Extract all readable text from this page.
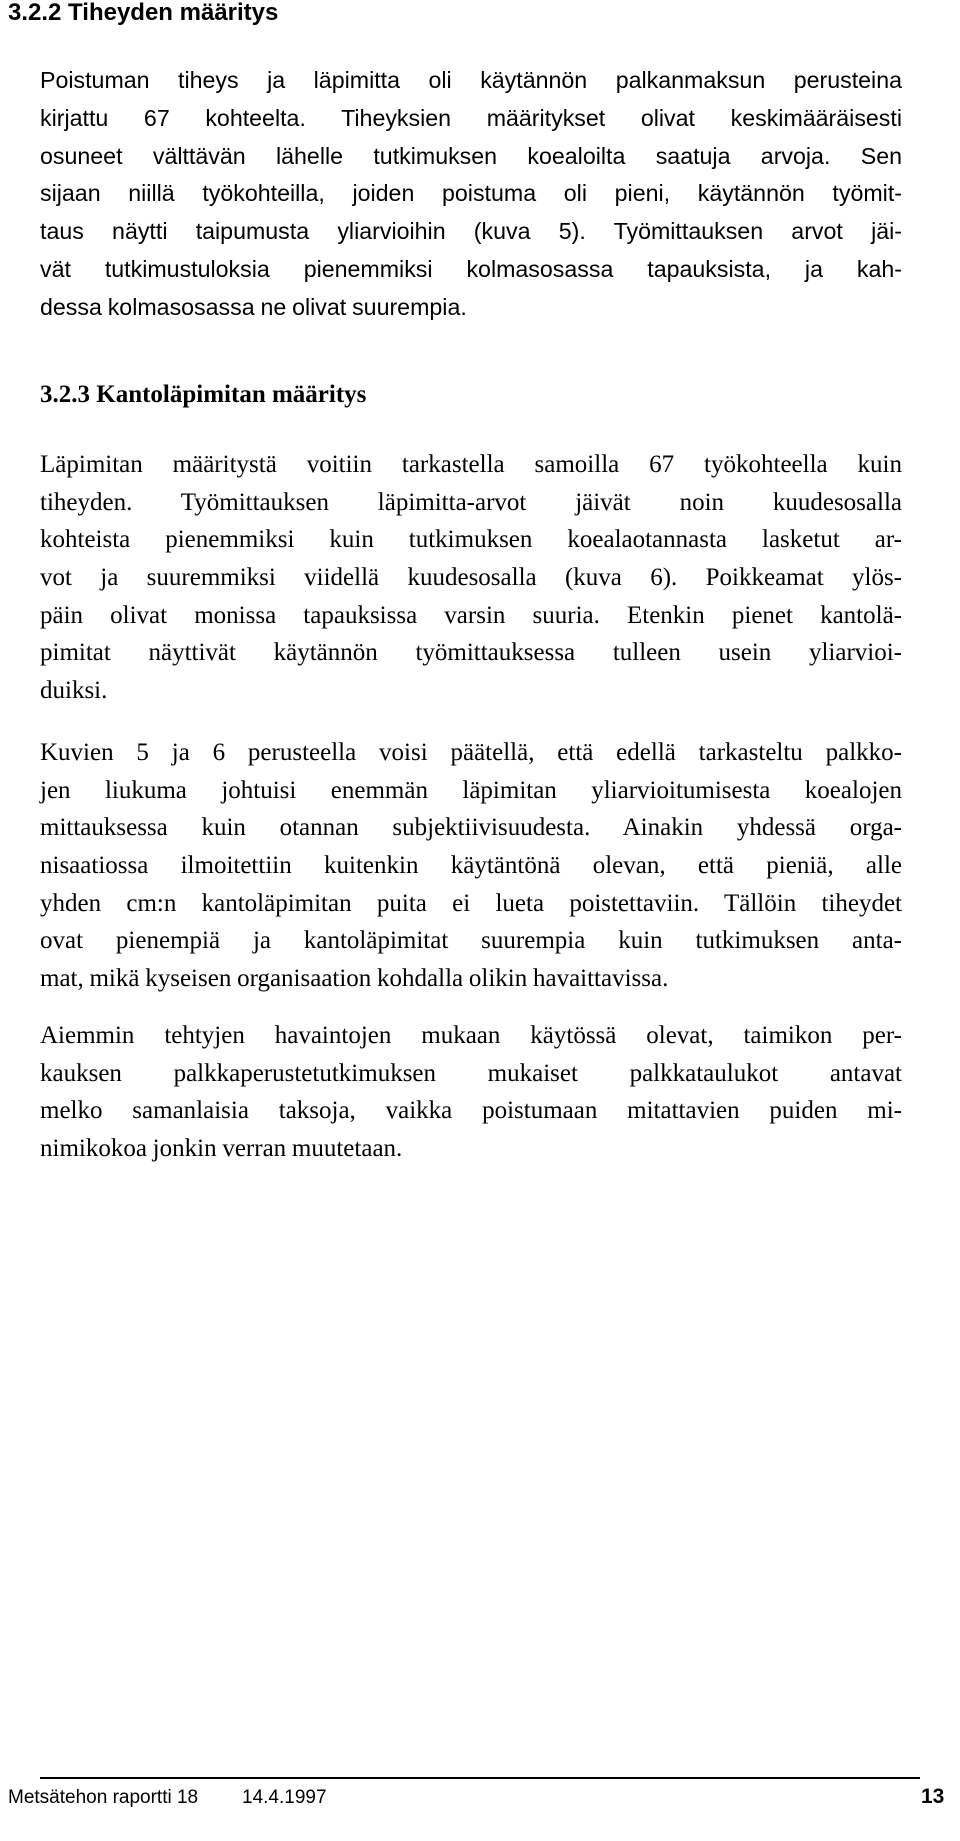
3.2.2 Tiheyden määritys
Poistuman tiheys ja läpimitta oli käytännön palkanmaksun perusteina
kirjattu 67 kohteelta. Tiheyksien määritykset olivat keskimääräisesti
osuneet välttävän lähelle tutkimuksen koealoilta saatuja arvoja. Sen
sijaan niillä työkohteilla, joiden poistuma oli pieni, käytännön työmit-
taus näytti taipumusta yliarvioihin (kuva 5). Työmittauksen arvot jäi-
vät tutkimustuloksia pienemmiksi kolmasosassa tapauksista, ja kah-
dessa kolmasosassa ne olivat suurempia.
3.2.3 Kantoläpimitan määritys
Läpimitan määritystä voitiin tarkastella samoilla 67 työkohteella kuin
tiheyden. Työmittauksen läpimitta-arvot jäivät noin kuudesosalla
kohteista pienemmiksi kuin tutkimuksen koealaotannasta lasketut ar-
vot ja suuremmiksi viidellä kuudesosalla (kuva 6). Poikkeamat ylös-
päin olivat monissa tapauksissa varsin suuria. Etenkin pienet kantolä-
pimitat näyttivät käytännön työmittauksessa tulleen usein yliarvioi-
duiksi.
Kuvien 5 ja 6 perusteella voisi päätellä, että edellä tarkasteltu palkko-
jen liukuma johtuisi enemmän läpimitan yliarvioitumisesta koealojen
mittauksessa kuin otannan subjektiivisuudesta. Ainakin yhdessä orga-
nisaatiossa ilmoitettiin kuitenkin käytäntönä olevan, että pieniä, alle
yhden cm:n kantoläpimitan puita ei lueta poistettaviin. Tällöin tiheydet
ovat pienempiä ja kantoläpimitat suurempia kuin tutkimuksen anta-
mat, mikä kyseisen organisaation kohdalla olikin havaittavissa.
Aiemmin tehtyjen havaintojen mukaan käytössä olevat, taimikon per-
kauksen palkkaperustetutkimuksen mukaiset palkkataulukot antavat
melko samanlaisia taksoja, vaikka poistumaan mitattavien puiden mi-
nimikokoa jonkin verran muutetaan.
Metsätehon raportti 18 14.4.1997	13
